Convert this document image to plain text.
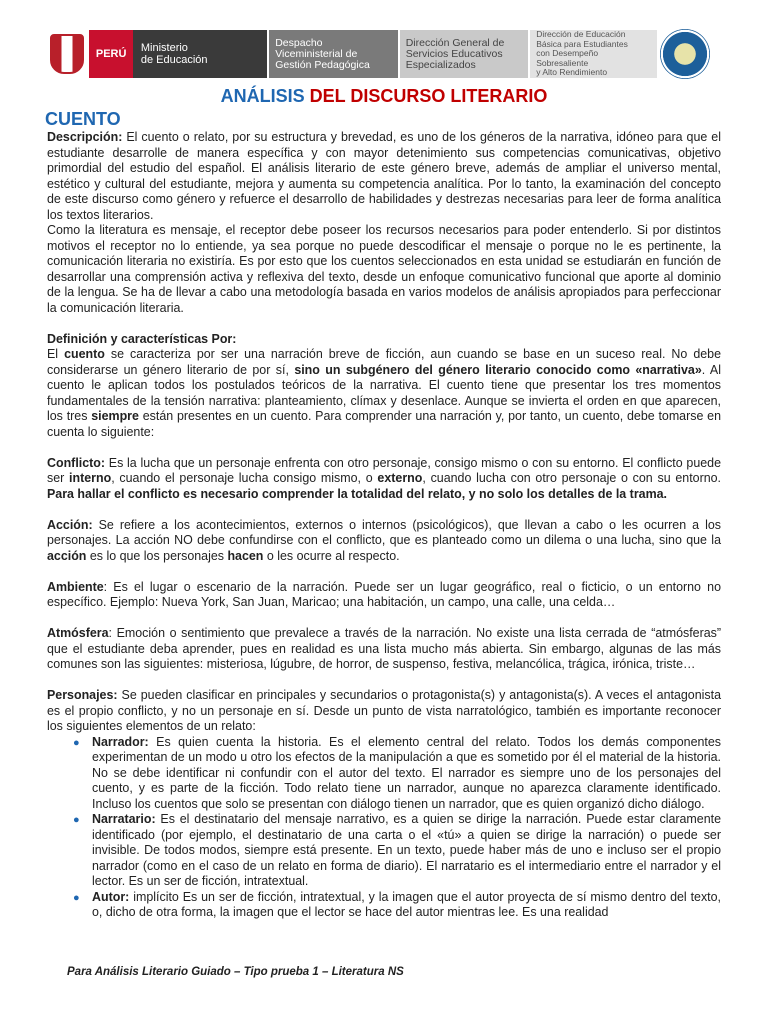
PERÚ	Ministerio
de Educación
Despacho
Viceministerial de
Gestión Pedagógica
Dirección General de
Servicios Educativos
Especializados
Dirección de Educación
Básica para Estudiantes
con Desempeño Sobresaliente
y Alto Rendimiento
ANÁLISIS DEL DISCURSO LITERARIO
CUENTO

Descripción: El cuento o relato, por su estructura y brevedad, es uno de los géneros de la narrativa, idóneo para que el estudiante desarrolle de manera específica y con mayor detenimiento sus competencias comunicativas, objetivo primordial del estudio del español. El análisis literario de este género breve, además de ampliar el universo mental, estético y cultural del estudiante, mejora y aumenta su competencia analítica. Por lo tanto, la examinación del concepto de este discurso como género y refuerce el desarrollo de habilidades y destrezas necesarias para leer de forma analítica los textos literarios.

Como la literatura es mensaje, el receptor debe poseer los recursos necesarios para poder entenderlo. Si por distintos motivos el receptor no lo entiende, ya sea porque no puede descodificar el mensaje o porque no le es pertinente, la comunicación literaria no existiría. Es por esto que los cuentos seleccionados en esta unidad se estudiarán en función de desarrollar una comprensión activa y reflexiva del texto, desde un enfoque comunicativo funcional que aporte al dominio de la lengua. Se ha de llevar a cabo una metodología basada en varios modelos de análisis apropiados para perfeccionar la comunicación literaria.

Definición y características Por:

El cuento se caracteriza por ser una narración breve de ficción, aun cuando se base en un suceso real. No debe considerarse un género literario de por sí, sino un subgénero del género literario conocido como «narrativa». Al cuento le aplican todos los postulados teóricos de la narrativa. El cuento tiene que presentar los tres momentos fundamentales de la tensión narrativa: planteamiento, clímax y desenlace. Aunque se invierta el orden en que aparecen, los tres siempre están presentes en un cuento. Para comprender una narración y, por tanto, un cuento, debe tomarse en cuenta lo siguiente:

Conflicto: Es la lucha que un personaje enfrenta con otro personaje, consigo mismo o con su entorno. El conflicto puede ser interno, cuando el personaje lucha consigo mismo, o externo, cuando lucha con otro personaje o con su entorno. Para hallar el conflicto es necesario comprender la totalidad del relato, y no solo los detalles de la trama.

Acción: Se refiere a los acontecimientos, externos o internos (psicológicos), que llevan a cabo o les ocurren a los personajes. La acción NO debe confundirse con el conflicto, que es planteado como un dilema o una lucha, sino que la acción es lo que los personajes hacen o les ocurre al respecto.

Ambiente: Es el lugar o escenario de la narración. Puede ser un lugar geográfico, real o ficticio, o un entorno no específico. Ejemplo: Nueva York, San Juan, Maricao; una habitación, un campo, una calle, una celda…

Atmósfera: Emoción o sentimiento que prevalece a través de la narración. No existe una lista cerrada de “atmósferas” que el estudiante deba aprender, pues en realidad es una lista mucho más abierta. Sin embargo, algunas de las más comunes son las siguientes: misteriosa, lúgubre, de horror, de suspenso, festiva, melancólica, trágica, irónica, triste…

Personajes: Se pueden clasificar en principales y secundarios o protagonista(s) y antagonista(s). A veces el antagonista es el propio conflicto, y no un personaje en sí. Desde un punto de vista narratológico, también es importante reconocer los siguientes elementos de un relato:

● Narrador: Es quien cuenta la historia. Es el elemento central del relato. Todos los demás componentes experimentan de un modo u otro los efectos de la manipulación a que es sometido por él el material de la historia. No se debe identificar ni confundir con el autor del texto. El narrador es siempre uno de los personajes del cuento, y es parte de la ficción. Todo relato tiene un narrador, aunque no aparezca claramente identificado. Incluso los cuentos que solo se presentan con diálogo tienen un narrador, que es quien organizó dicho diálogo.
● Narratario: Es el destinatario del mensaje narrativo, es a quien se dirige la narración. Puede estar claramente identificado (por ejemplo, el destinatario de una carta o el «tú» a quien se dirige la narración) o puede ser invisible. De todos modos, siempre está presente. En un texto, puede haber más de uno e incluso ser el propio narrador (como en el caso de un relato en forma de diario). El narratario es el intermediario entre el narrador y el lector. Es un ser de ficción, intratextual.
● Autor: implícito Es un ser de ficción, intratextual, y la imagen que el autor proyecta de sí mismo dentro del texto, o, dicho de otra forma, la imagen que el lector se hace del autor mientras lee. Es una realidad
Para Análisis Literario Guiado – Tipo prueba 1 – Literatura NS
